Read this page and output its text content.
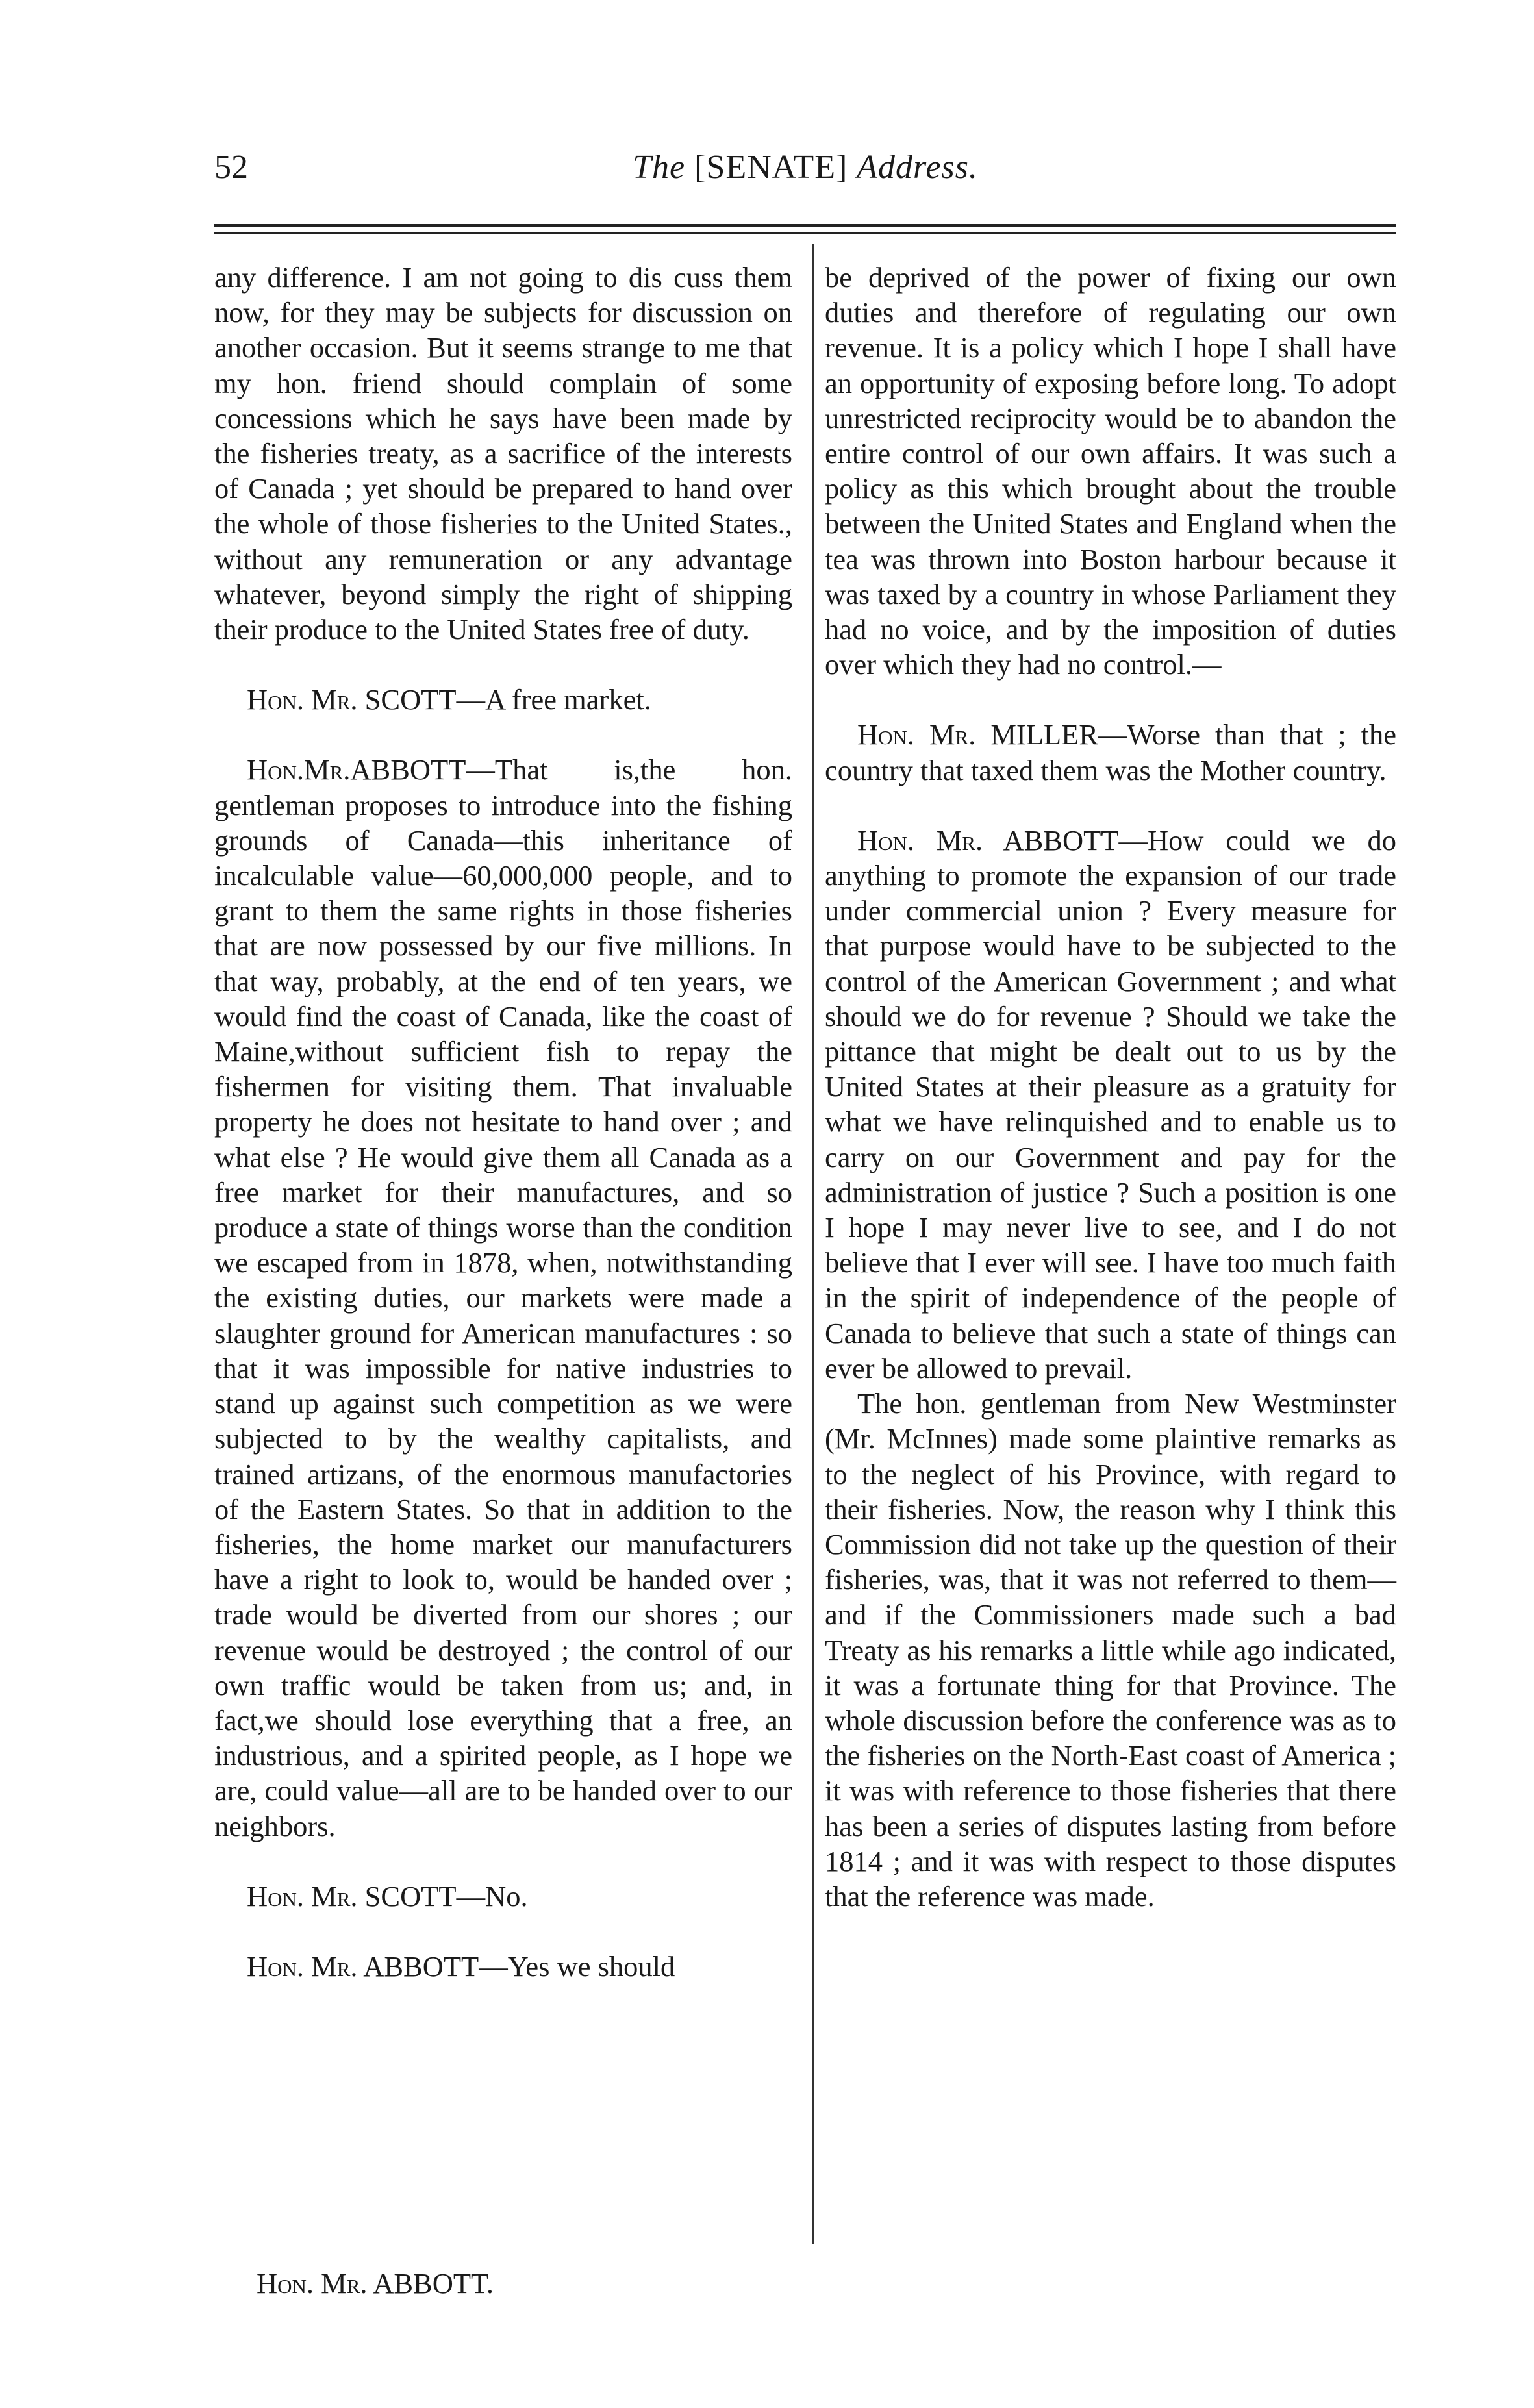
52	The [SENATE] Address.

any difference. I am not going to dis cuss them now, for they may be subjects for discussion on another occasion. But it seems strange to me that my hon. friend should complain of some concessions which he says have been made by the fisheries treaty, as a sacrifice of the interests of Canada ; yet should be prepared to hand over the whole of those fisheries to the United States., without any remuneration or any advantage whatever, beyond simply the right of shipping their produce to the United States free of duty.

Hon. Mr. SCOTT—A free market.

Hon.Mr.ABBOTT—That is,the hon. gentleman proposes to introduce into the fishing grounds of Canada—this inheritance of incalculable value—60,000,000 people, and to grant to them the same rights in those fisheries that are now possessed by our five millions. In that way, probably, at the end of ten years, we would find the coast of Canada, like the coast of Maine,without sufficient fish to repay the fishermen for visiting them. That invaluable property he does not hesitate to hand over ; and what else ? He would give them all Canada as a free market for their manufactures, and so produce a state of things worse than the condition we escaped from in 1878, when, notwithstanding the existing duties, our markets were made a slaughter ground for American manufactures : so that it was impossible for native industries to stand up against such competition as we were subjected to by the wealthy capitalists, and trained artizans, of the enormous manufactories of the Eastern States. So that in addition to the fisheries, the home market our manufacturers have a right to look to, would be handed over ; trade would be diverted from our shores ; our revenue would be destroyed ; the control of our own traffic would be taken from us; and, in fact,we should lose everything that a free, an industrious, and a spirited people, as I hope we are, could value—all are to be handed over to our neighbors.

Hon. Mr. SCOTT—No.

Hon. Mr. ABBOTT—Yes we should

be deprived of the power of fixing our own duties and therefore of regulating our own revenue. It is a policy which I hope I shall have an opportunity of exposing before long. To adopt unrestricted reciprocity would be to abandon the entire control of our own affairs. It was such a policy as this which brought about the trouble between the United States and England when the tea was thrown into Boston harbour because it was taxed by a country in whose Parliament they had no voice, and by the imposition of duties over which they had no control.—

Hon. Mr. MILLER—Worse than that ; the country that taxed them was the Mother country.

Hon. Mr. ABBOTT—How could we do anything to promote the expansion of our trade under commercial union ? Every measure for that purpose would have to be subjected to the control of the American Government ; and what should we do for revenue ? Should we take the pittance that might be dealt out to us by the United States at their pleasure as a gratuity for what we have relinquished and to enable us to carry on our Government and pay for the administration of justice ? Such a position is one I hope I may never live to see, and I do not believe that I ever will see. I have too much faith in the spirit of independence of the people of Canada to believe that such a state of things can ever be allowed to prevail.

The hon. gentleman from New Westminster (Mr. McInnes) made some plaintive remarks as to the neglect of his Province, with regard to their fisheries. Now, the reason why I think this Commission did not take up the question of their fisheries, was, that it was not referred to them—and if the Commissioners made such a bad Treaty as his remarks a little while ago indicated, it was a fortunate thing for that Province. The whole discussion before the conference was as to the fisheries on the North-East coast of America ; it was with reference to those fisheries that there has been a series of disputes lasting from before 1814 ; and it was with respect to those disputes that the reference was made.

Hon. Mr. ABBOTT.
